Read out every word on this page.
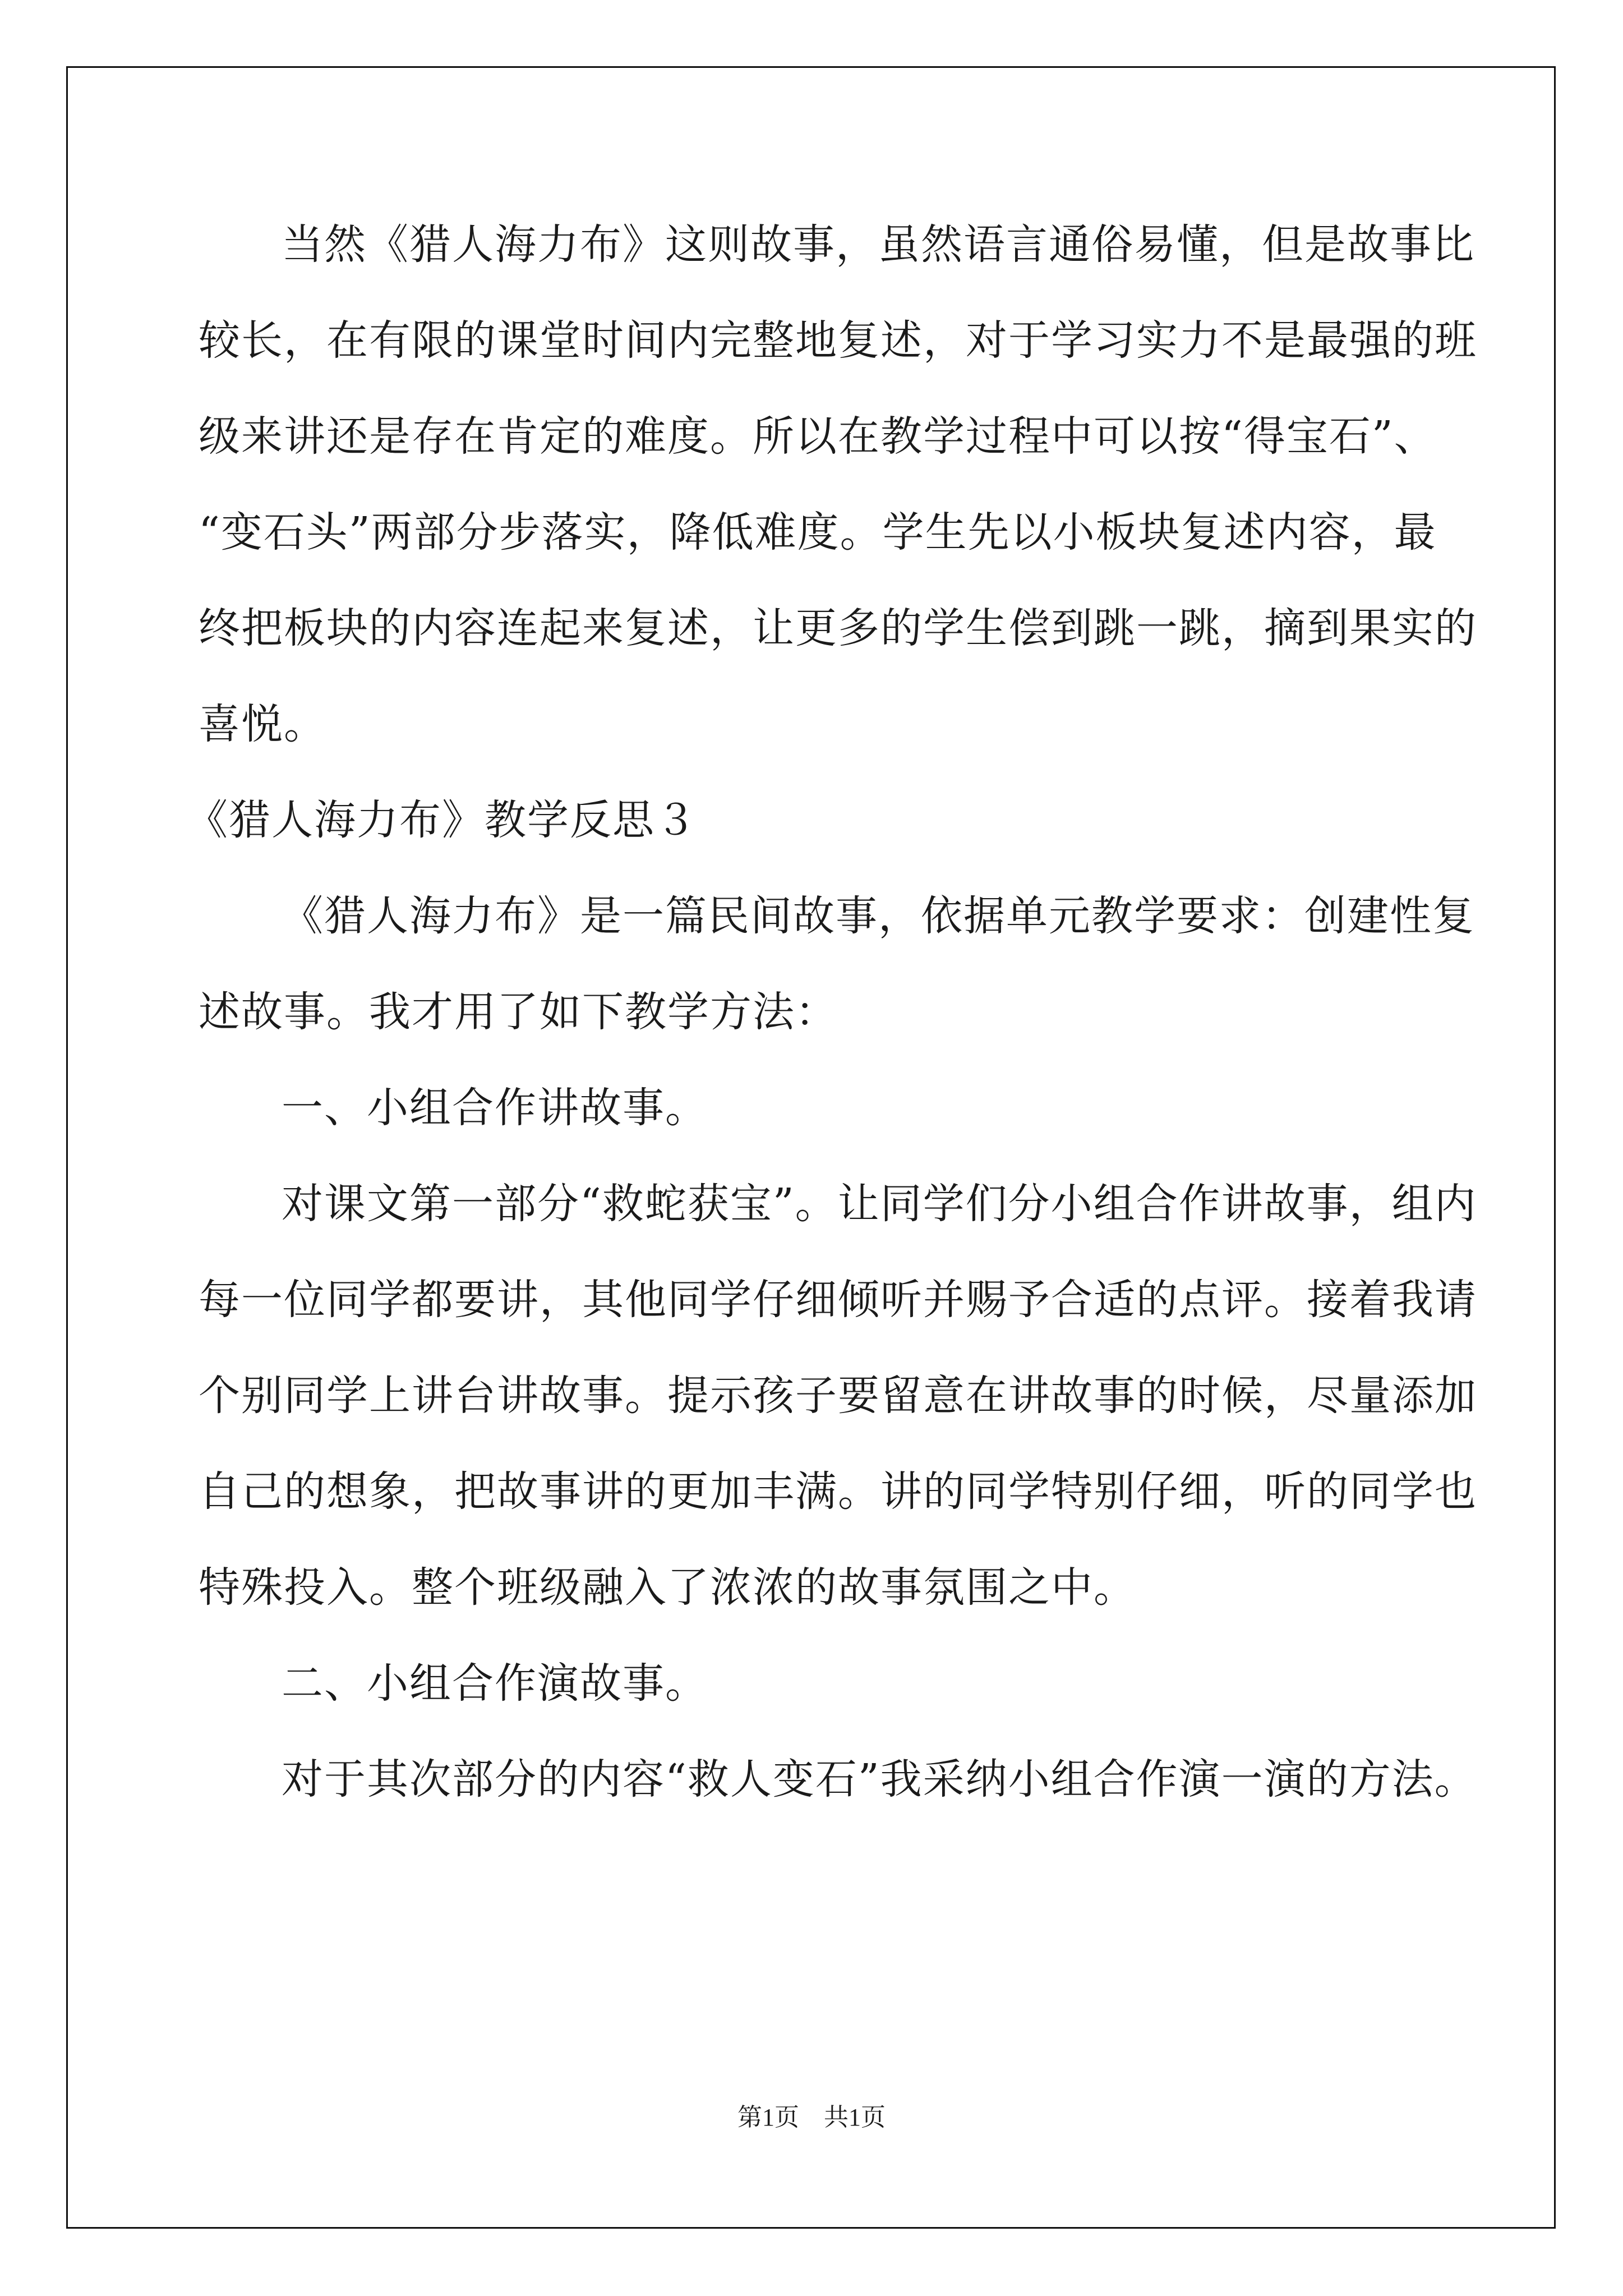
当然《猎人海力布》这则故事，虽然语言通俗易懂，但是故事比
较长，在有限的课堂时间内完整地复述，对于学习实力不是最强的班
级来讲还是存在肯定的难度。所以在教学过程中可以按“得宝石”、
“变石头”两部分步落实，降低难度。学生先以小板块复述内容，最
终把板块的内容连起来复述，让更多的学生偿到跳一跳，摘到果实的
喜悦。
《猎人海力布》教学反思３
《猎人海力布》是一篇民间故事，依据单元教学要求：创建性复
述故事。我才用了如下教学方法：
一、小组合作讲故事。
对课文第一部分“救蛇获宝”。让同学们分小组合作讲故事，组内
每一位同学都要讲，其他同学仔细倾听并赐予合适的点评。接着我请
个别同学上讲台讲故事。提示孩子要留意在讲故事的时候，尽量添加
自己的想象，把故事讲的更加丰满。讲的同学特别仔细，听的同学也
特殊投入。整个班级融入了浓浓的故事氛围之中。
二、小组合作演故事。
对于其次部分的内容“救人变石”我采纳小组合作演一演的方法。
第1页　共1页
